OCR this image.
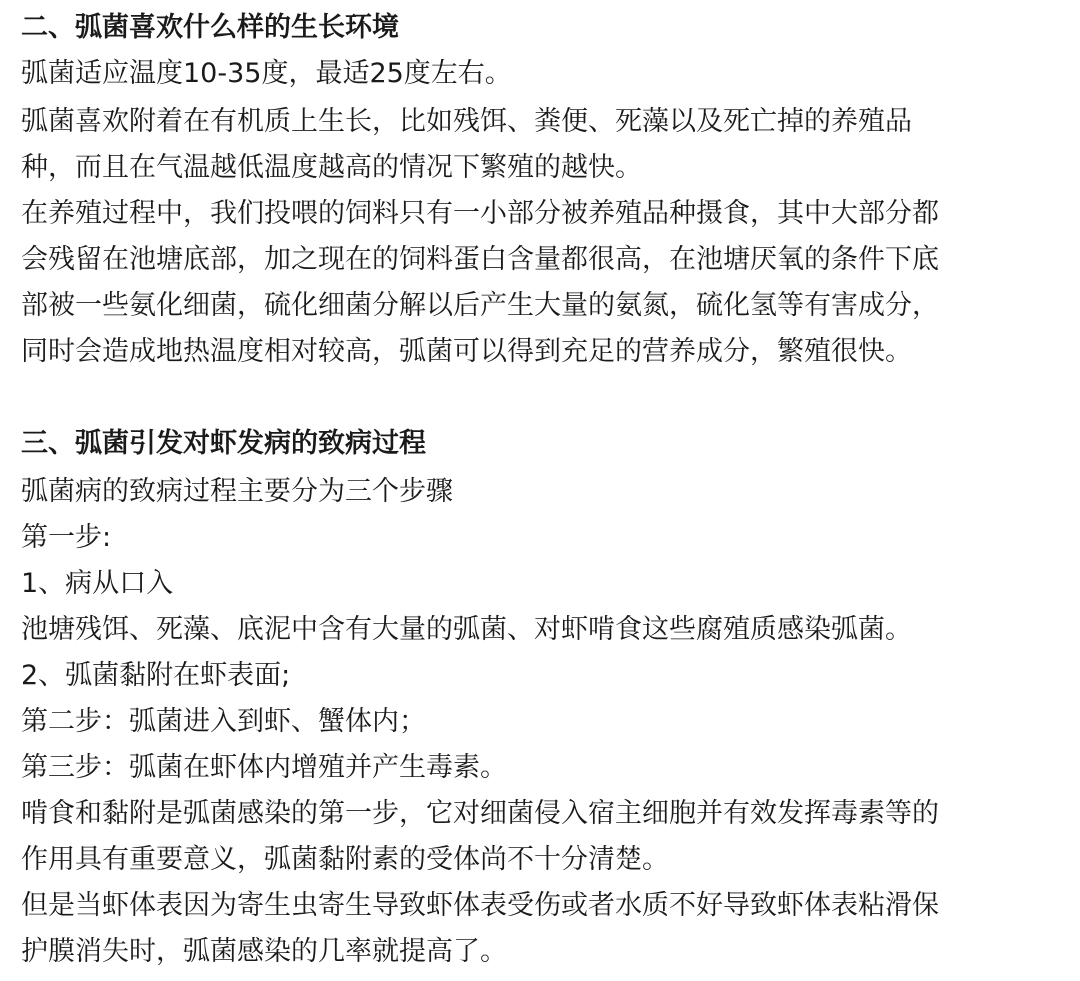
二、弧菌喜欢什么样的生长环境

弧菌适应温度10-35度，最适25度左右。

弧菌喜欢附着在有机质上生长，比如残饵、粪便、死藻以及死亡掉的养殖品

种，而且在气温越低温度越高的情况下繁殖的越快。

在养殖过程中，我们投喂的饲料只有一小部分被养殖品种摄食，其中大部分都

会残留在池塘底部，加之现在的饲料蛋白含量都很高，在池塘厌氧的条件下底

部被一些氨化细菌，硫化细菌分解以后产生大量的氨氮，硫化氢等有害成分，

同时会造成地热温度相对较高，弧菌可以得到充足的营养成分，繁殖很快。

三、弧菌引发对虾发病的致病过程

弧菌病的致病过程主要分为三个步骤

第一步:

1、病从口入

池塘残饵、死藻、底泥中含有大量的弧菌、对虾啃食这些腐殖质感染弧菌。

2、弧菌黏附在虾表面;

第二步：弧菌进入到虾、蟹体内；

第三步：弧菌在虾体内增殖并产生毒素。

啃食和黏附是弧菌感染的第一步，它对细菌侵入宿主细胞并有效发挥毒素等的

作用具有重要意义，弧菌黏附素的受体尚不十分清楚。

但是当虾体表因为寄生虫寄生导致虾体表受伤或者水质不好导致虾体表粘滑保

护膜消失时，弧菌感染的几率就提高了。
